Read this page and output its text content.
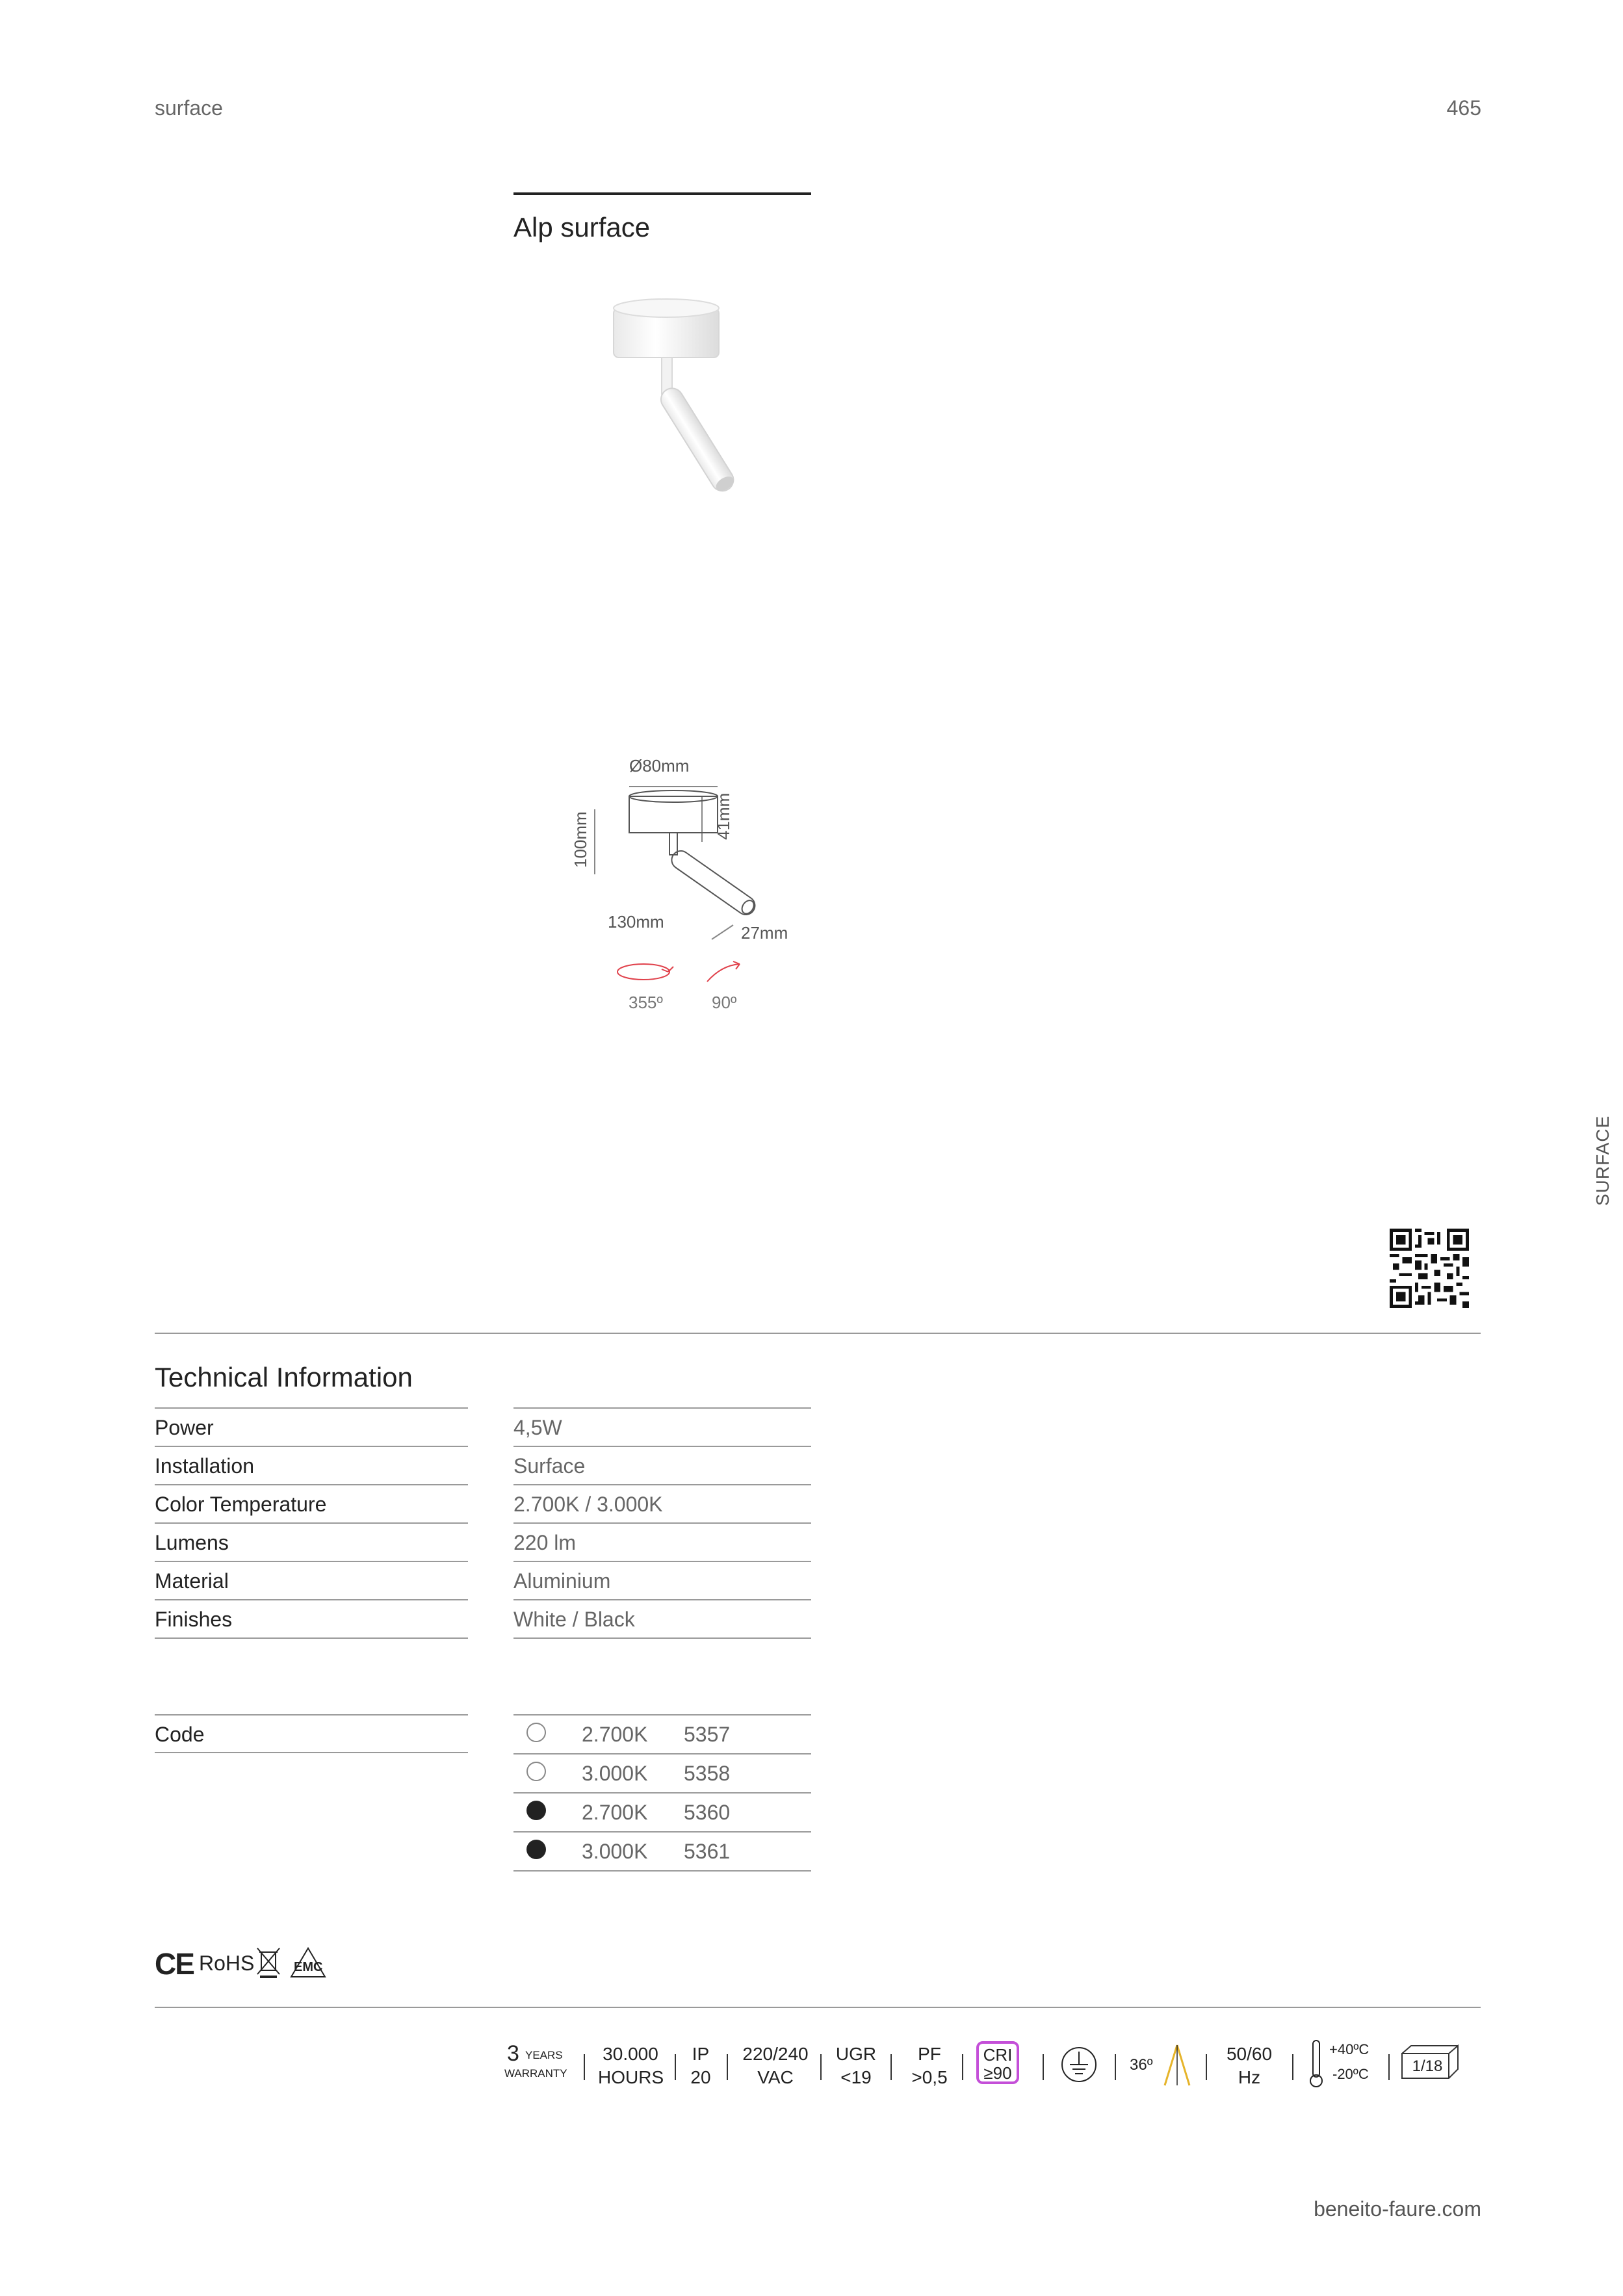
surface	465
Alp surface
Ø80mm
41mm
100mm
130mm
27mm
355º	90º
SURFACE
Technical Information
Power	4,5W
Installation	Surface
Color Temperature	2.700K / 3.000K
Lumens	220 lm
Material	Aluminium
Finishes	White / Black
Code	2.700K 5357
3.000K 5358
2.700K 5360
3.000K 5361
CE RoHS	EMC
3 YEARS
WARRANTY
30.000
HOURS
IP
20
220/240
VAC
UGR
<19
PF
>0,5
CRI
≥90	36º
50/60
Hz
+40ºC
-20ºC	1/18
beneito-faure.com
